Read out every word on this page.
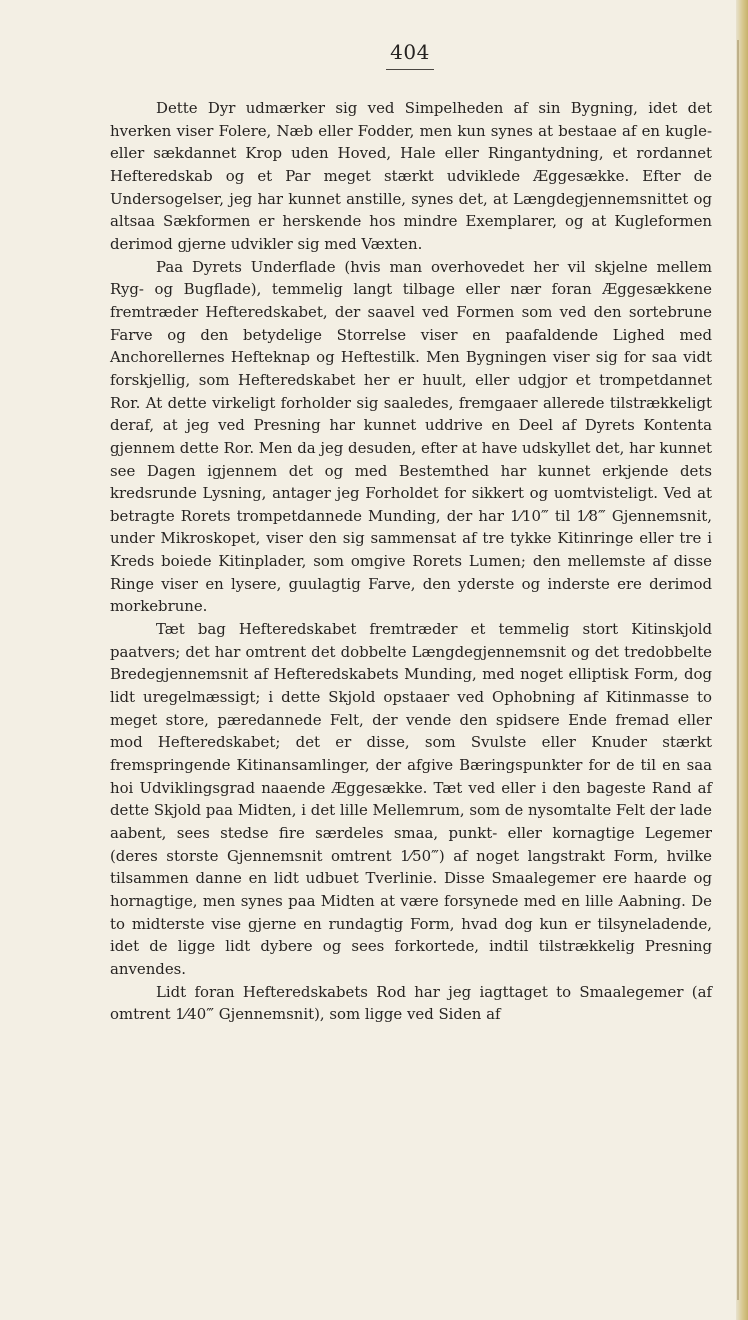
404

Dette Dyr udmærker sig ved Simpelheden af sin Bygning, idet det hverken viser Folere, Næb eller Fodder, men kun synes at bestaae af en kugle- eller sækdannet Krop uden Hoved, Hale eller Ringantydning, et rordannet Hefteredskab og et Par meget stærkt udviklede Æggesække. Efter de Undersogelser, jeg har kunnet anstille, synes det, at Længdegjennemsnittet og altsaa Sækformen er herskende hos mindre Exemplarer, og at Kugleformen derimod gjerne udvikler sig med Væxten.

Paa Dyrets Underflade (hvis man overhovedet her vil skjelne mellem Ryg- og Bugflade), temmelig langt tilbage eller nær foran Æggesækkene fremtræder Hefteredskabet, der saavel ved Formen som ved den sortebrune Farve og den betydelige Storrelse viser en paafaldende Lighed med Anchorellernes Hefteknap og Heftestilk. Men Bygningen viser sig for saa vidt forskjellig, som Hefteredskabet her er huult, eller udgjor et trompetdannet Ror. At dette virkeligt forholder sig saaledes, fremgaaer allerede tilstrækkeligt deraf, at jeg ved Presning har kunnet uddrive en Deel af Dyrets Kontenta gjennem dette Ror. Men da jeg desuden, efter at have udskyllet det, har kunnet see Dagen igjennem det og med Bestemthed har kunnet erkjende dets kredsrunde Lysning, antager jeg Forholdet for sikkert og uomtvisteligt. Ved at betragte Rorets trompetdannede Munding, der har 1⁄10‴ til 1⁄8‴ Gjennemsnit, under Mikroskopet, viser den sig sammensat af tre tykke Kitinringe eller tre i Kreds boiede Kitinplader, som omgive Rorets Lumen; den mellemste af disse Ringe viser en lysere, guulagtig Farve, den yderste og inderste ere derimod morkebrune.

Tæt bag Hefteredskabet fremtræder et temmelig stort Kitinskjold paatvers; det har omtrent det dobbelte Længdegjennemsnit og det tredobbelte Bredegjennemsnit af Hefteredskabets Munding, med noget elliptisk Form, dog lidt uregelmæssigt; i dette Skjold opstaaer ved Ophobning af Kitinmasse to meget store, pæredannede Felt, der vende den spidsere Ende fremad eller mod Hefteredskabet; det er disse, som Svulste eller Knuder stærkt fremspringende Kitinansamlinger, der afgive Bæringspunkter for de til en saa hoi Udviklingsgrad naaende Æggesække. Tæt ved eller i den bageste Rand af dette Skjold paa Midten, i det lille Mellemrum, som de nysomtalte Felt der lade aabent, sees stedse fire særdeles smaa, punkt- eller kornagtige Legemer (deres storste Gjennemsnit omtrent 1⁄50‴) af noget langstrakt Form, hvilke tilsammen danne en lidt udbuet Tverlinie. Disse Smaalegemer ere haarde og hornagtige, men synes paa Midten at være forsynede med en lille Aabning. De to midterste vise gjerne en rundagtig Form, hvad dog kun er tilsyneladende, idet de ligge lidt dybere og sees forkortede, indtil tilstrækkelig Presning anvendes.

Lidt foran Hefteredskabets Rod har jeg iagttaget to Smaalegemer (af omtrent 1⁄40‴ Gjennemsnit), som ligge ved Siden af
